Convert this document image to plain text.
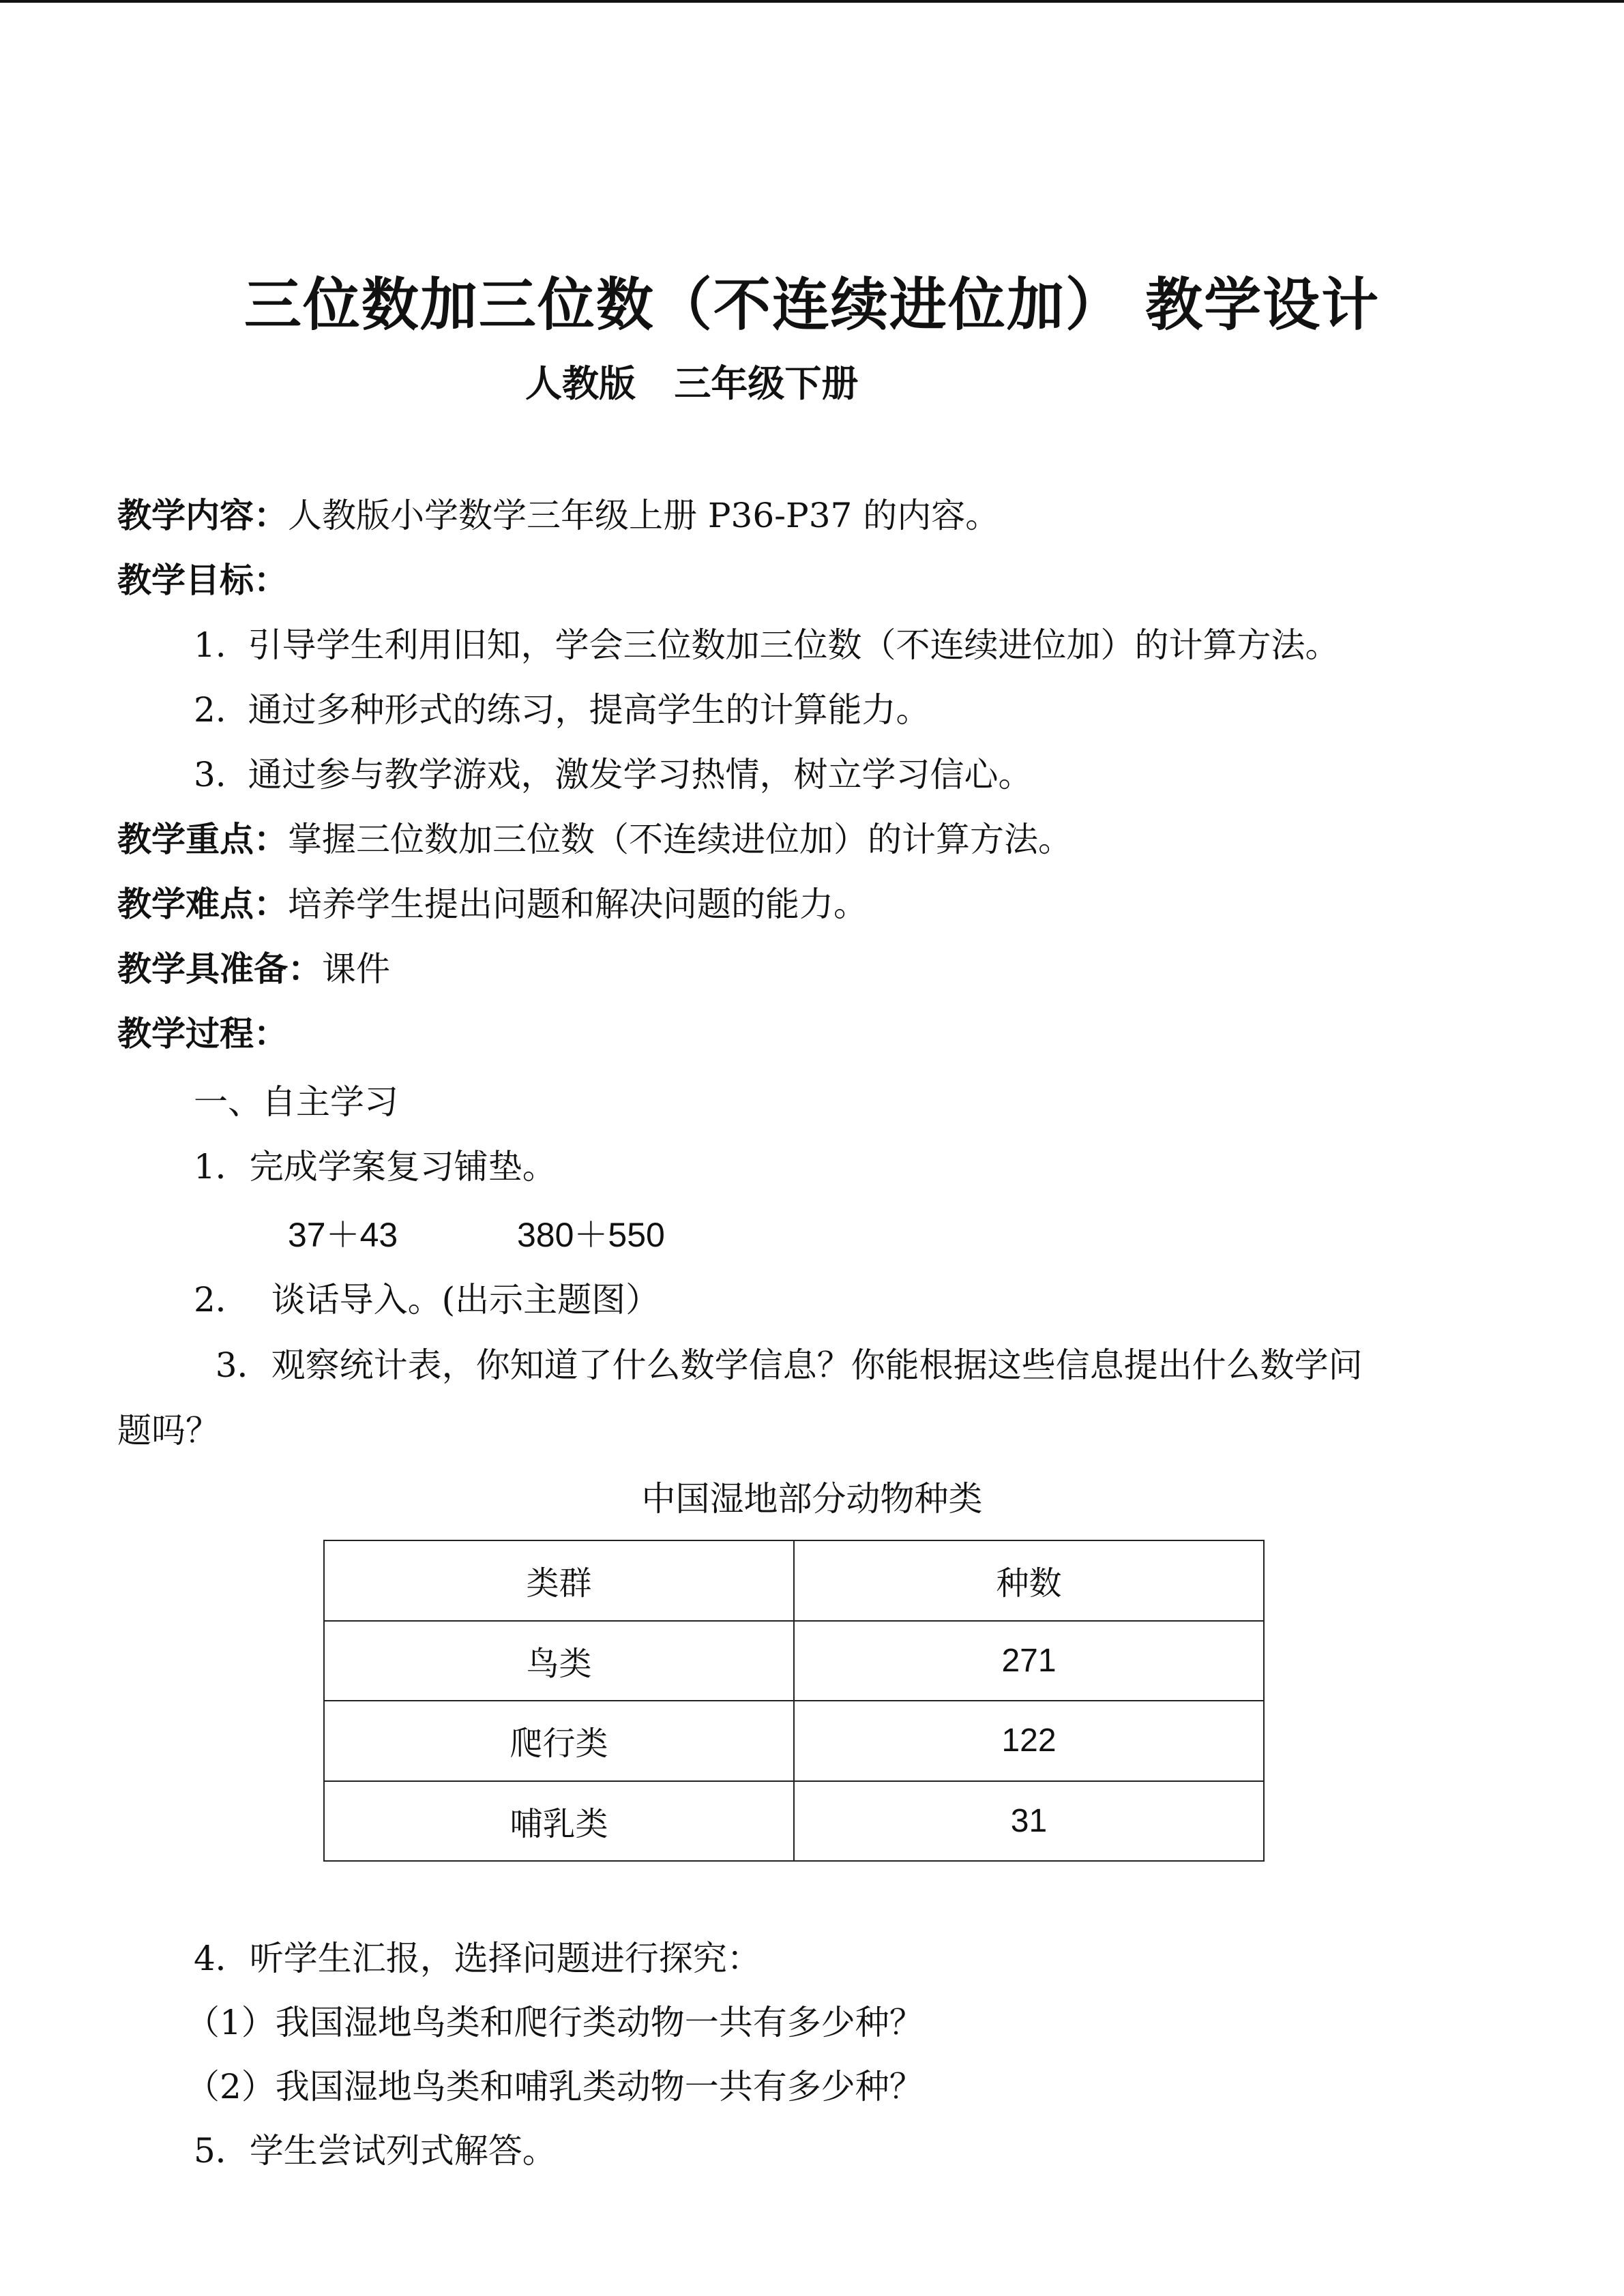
三位数加三位数（不连续进位加） 教学设计
人教版   三年级下册
教学内容：人教版小学数学三年级上册 P36-P37 的内容。
教学目标：
1.  引导学生利用旧知，学会三位数加三位数（不连续进位加）的计算方法。
2.  通过多种形式的练习，提高学生的计算能力。
3.  通过参与教学游戏，激发学习热情，树立学习信心。
教学重点：掌握三位数加三位数（不连续进位加）的计算方法。
教学难点：培养学生提出问题和解决问题的能力。
教学具准备：课件
教学过程：
一、自主学习
1．完成学案复习铺垫。
37＋43	380＋550
2．  谈话导入。(出示主题图）
3．观察统计表，你知道了什么数学信息？你能根据这些信息提出什么数学问
题吗？
中国湿地部分动物种类
类群	种数
鸟类	271
爬行类	122
哺乳类	31
4．听学生汇报，选择问题进行探究：
（1）我国湿地鸟类和爬行类动物一共有多少种？
（2）我国湿地鸟类和哺乳类动物一共有多少种？
5．学生尝试列式解答。
